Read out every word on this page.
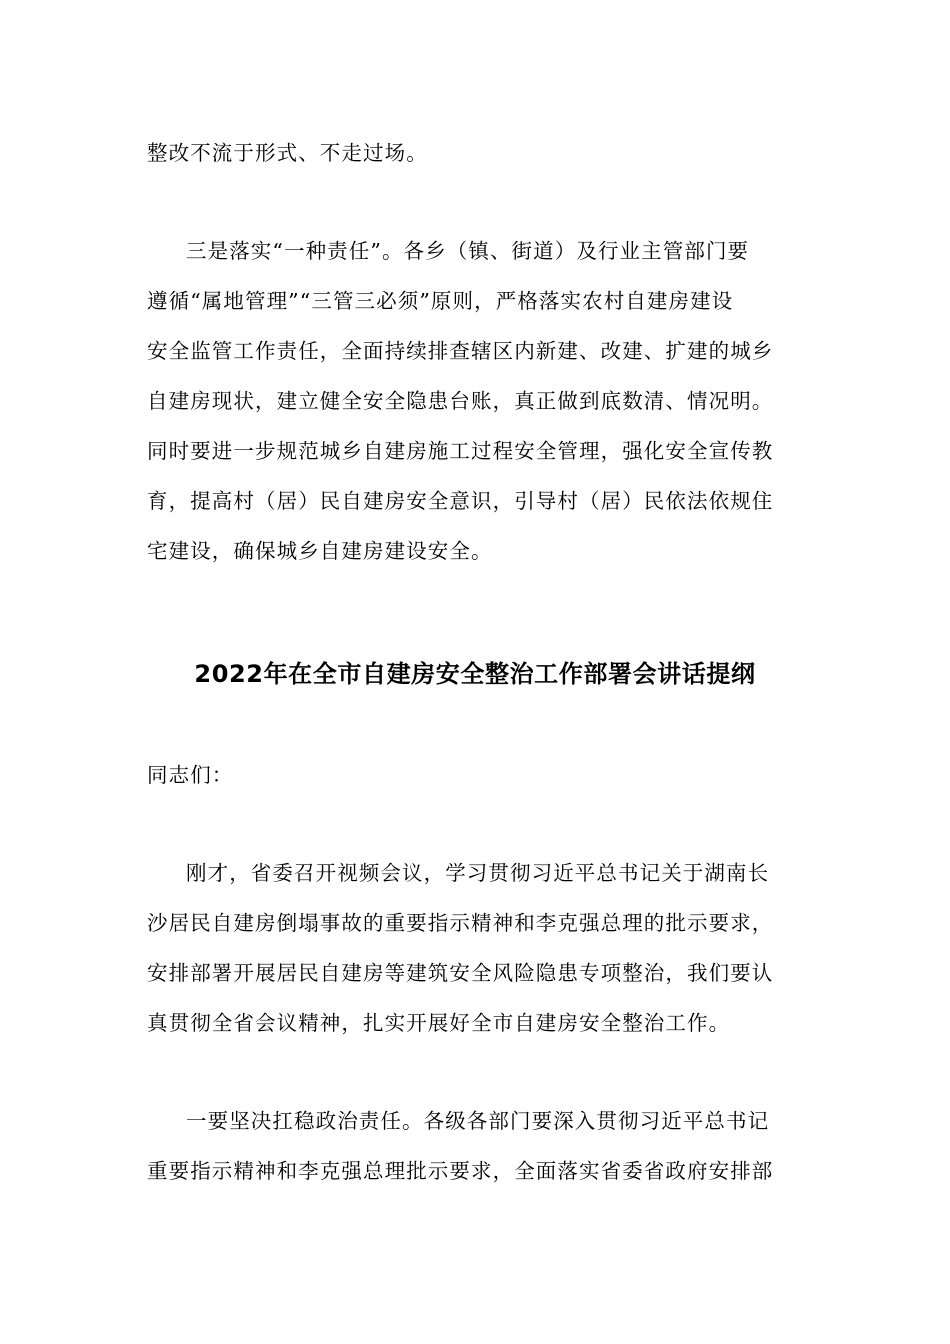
整改不流于形式、不走过场。
三是落实“一种责任”。各乡（镇、街道）及行业主管部门要
遵循“属地管理”“三管三必须”原则，严格落实农村自建房建设
安全监管工作责任，全面持续排查辖区内新建、改建、扩建的城乡
自建房现状，建立健全安全隐患台账，真正做到底数清、情况明。
同时要进一步规范城乡自建房施工过程安全管理，强化安全宣传教
育，提高村（居）民自建房安全意识，引导村（居）民依法依规住
宅建设，确保城乡自建房建设安全。
2022年在全市自建房安全整治工作部署会讲话提纲
同志们：
刚才，省委召开视频会议，学习贯彻习近平总书记关于湖南长
沙居民自建房倒塌事故的重要指示精神和李克强总理的批示要求，
安排部署开展居民自建房等建筑安全风险隐患专项整治，我们要认
真贯彻全省会议精神，扎实开展好全市自建房安全整治工作。
一要坚决扛稳政治责任。各级各部门要深入贯彻习近平总书记
重要指示精神和李克强总理批示要求，全面落实省委省政府安排部
